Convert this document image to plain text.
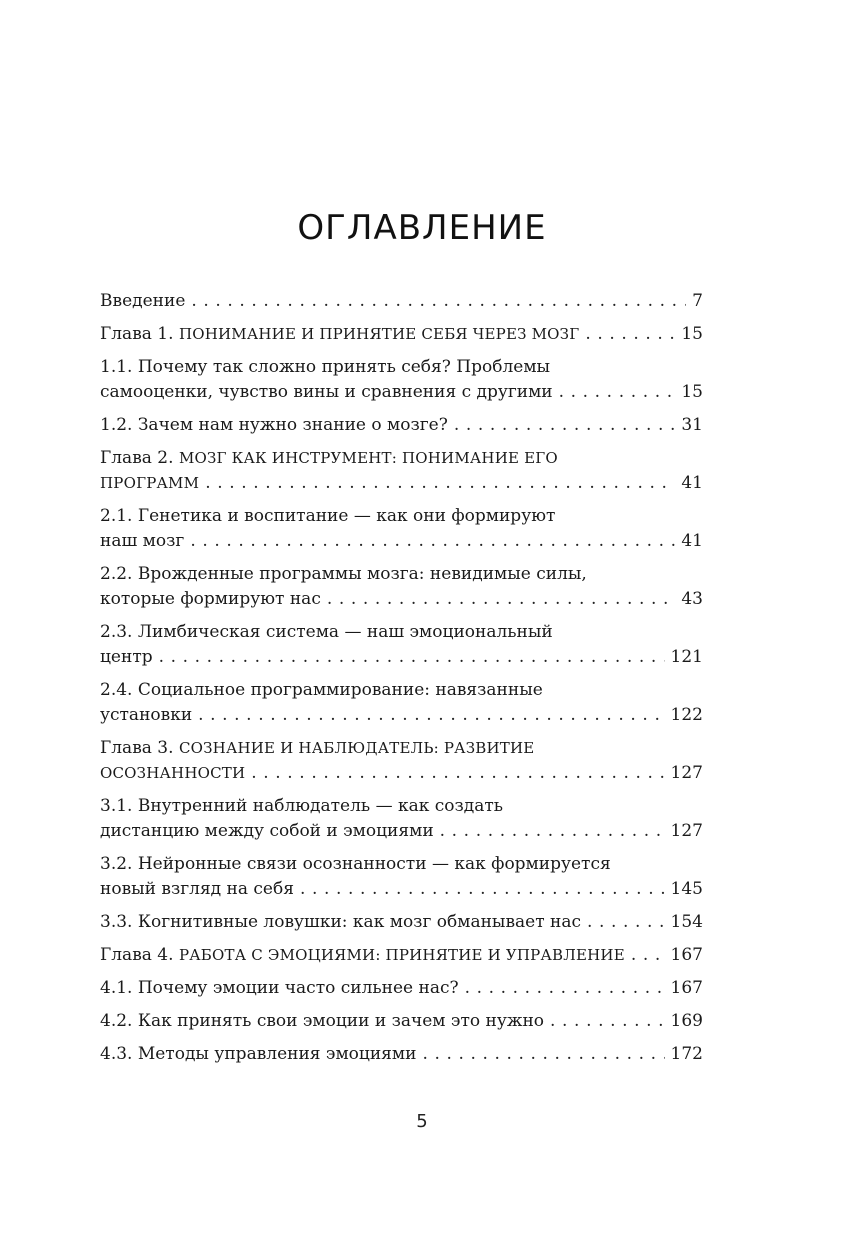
ОГЛАВЛЕНИЕ
Введение . . .	7
Глава 1. ПОНИМАНИЕ И ПРИНЯТИЕ СЕБЯ ЧЕРЕЗ МОЗГ . . .	15
1.1. Почему так сложно принять себя? Проблемы
самооценки, чувство вины и сравнения с другими . . .	15
1.2. Зачем нам нужно знание о мозге? . . .	31
Глава 2. МОЗГ КАК ИНСТРУМЕНТ: ПОНИМАНИЕ ЕГО
ПРОГРАММ . . .	41
2.1. Генетика и воспитание — как они формируют
наш мозг . . .	41
2.2. Врожденные программы мозга: невидимые силы,
которые формируют нас . . .	43
2.3. Лимбическая система — наш эмоциональный
центр . . .	121
2.4. Социальное программирование: навязанные
установки . . .	122
Глава 3. СОЗНАНИЕ И НАБЛЮДАТЕЛЬ: РАЗВИТИЕ
ОСОЗНАННОСТИ . . .	127
3.1. Внутренний наблюдатель — как создать
дистанцию между собой и эмоциями . . .	127
3.2. Нейронные связи осознанности — как формируется
новый взгляд на себя . . .	145
3.3. Когнитивные ловушки: как мозг обманывает нас . . .	154
Глава 4. РАБОТА С ЭМОЦИЯМИ: ПРИНЯТИЕ И УПРАВЛЕНИЕ . . .	167
4.1. Почему эмоции часто сильнее нас? . . .	167
4.2. Как принять свои эмоции и зачем это нужно . . .	169
4.3. Методы управления эмоциями . . .	172
5
